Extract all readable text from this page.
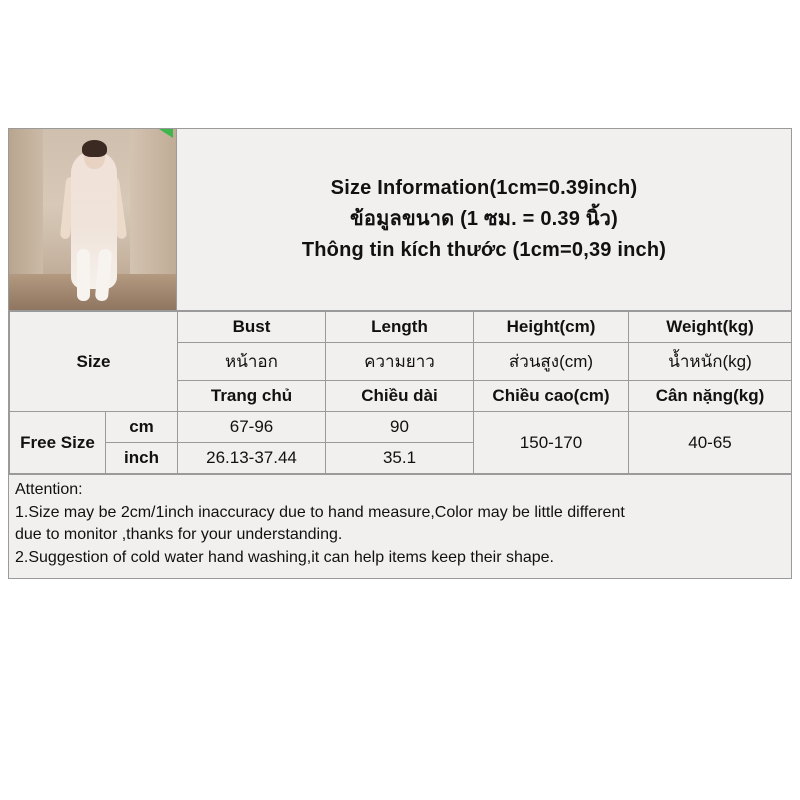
Size Information(1cm=0.39inch)
ข้อมูลขนาด (1 ซม. = 0.39 นิ้ว)
Thông tin kích thước (1cm=0,39 inch)
Size		Bust	Length	Height(cm)	Weight(kg)
		หน้าอก	ความยาว	ส่วนสูง(cm)	น้ำหนัก(kg)
		Trang chủ	Chiều dài	Chiều cao(cm)	Cân nặng(kg)
Free Size	cm	67-96	90	150-170	40-65
	inch	26.13-37.44	35.1		

Attention:

1.Size may be 2cm/1inch inaccuracy due to hand measure,Color may be little different

due to monitor ,thanks for your understanding.

2.Suggestion of cold water hand washing,it can help items keep their shape.
